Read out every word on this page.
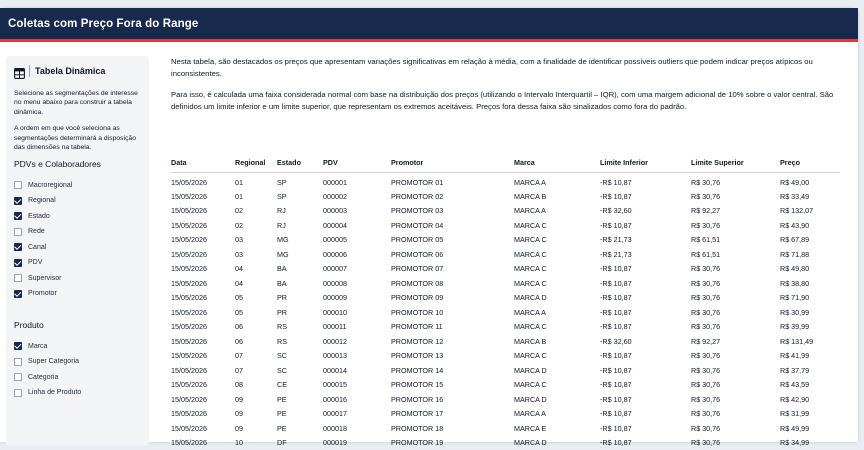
Coletas com Preço Fora do Range
Tabela Dinâmica

Selecione as segmentações de interesse no menu abaixo para construir a tabela dinâmica.

A ordem em que você seleciona as segmentações determinará a disposição das dimensões na tabela.

PDVs e Colaboradores
Macroregional
Regional
Estado
Rede
Canal
PDV
Supervisor
Promotor
Produto
Marca
Super Categoria
Categoria
Linha de Produto

Nesta tabela, são destacados os preços que apresentam variações significativas em relação à média, com a finalidade de identificar possíveis outliers que podem indicar preços atípicos ou inconsistentes.

Para isso, é calculada uma faixa considerada normal com base na distribuição dos preços (utilizando o Intervalo Interquartil – IQR), com uma margem adicional de 10% sobre o valor central. São definidos um limite inferior e um limite superior, que representam os extremos aceitáveis. Preços fora dessa faixa são sinalizados como fora do padrão.

Data	Regional	Estado	PDV	Promotor	Marca	Limite Inferior	Limite Superior	Preço
15/05/2026	01	SP	000001	PROMOTOR 01	MARCA A	-R$ 10,87	R$ 30,76	R$ 49,00
15/05/2026	01	SP	000002	PROMOTOR 02	MARCA B	-R$ 10,87	R$ 30,76	R$ 33,49
15/05/2026	02	RJ	000003	PROMOTOR 03	MARCA A	-R$ 32,60	R$ 92,27	R$ 132,07
15/05/2026	02	RJ	000004	PROMOTOR 04	MARCA C	-R$ 10,87	R$ 30,76	R$ 43,90
15/05/2026	03	MG	000005	PROMOTOR 05	MARCA C	-R$ 21,73	R$ 61,51	R$ 67,89
15/05/2026	03	MG	000006	PROMOTOR 06	MARCA C	-R$ 21,73	R$ 61,51	R$ 71,88
15/05/2026	04	BA	000007	PROMOTOR 07	MARCA C	-R$ 10,87	R$ 30,76	R$ 49,80
15/05/2026	04	BA	000008	PROMOTOR 08	MARCA C	-R$ 10,87	R$ 30,76	R$ 38,80
15/05/2026	05	PR	000009	PROMOTOR 09	MARCA D	-R$ 10,87	R$ 30,76	R$ 71,90
15/05/2026	05	PR	000010	PROMOTOR 10	MARCA A	-R$ 10,87	R$ 30,76	R$ 30,99
15/05/2026	06	RS	000011	PROMOTOR 11	MARCA C	-R$ 10,87	R$ 30,76	R$ 39,99
15/05/2026	06	RS	000012	PROMOTOR 12	MARCA B	-R$ 32,60	R$ 92,27	R$ 131,49
15/05/2026	07	SC	000013	PROMOTOR 13	MARCA C	-R$ 10,87	R$ 30,76	R$ 41,99
15/05/2026	07	SC	000014	PROMOTOR 14	MARCA D	-R$ 10,87	R$ 30,76	R$ 37,79
15/05/2026	08	CE	000015	PROMOTOR 15	MARCA C	-R$ 10,87	R$ 30,76	R$ 43,59
15/05/2026	09	PE	000016	PROMOTOR 16	MARCA D	-R$ 10,87	R$ 30,76	R$ 42,90
15/05/2026	09	PE	000017	PROMOTOR 17	MARCA A	-R$ 10,87	R$ 30,76	R$ 31,99
15/05/2026	09	PE	000018	PROMOTOR 18	MARCA E	-R$ 10,87	R$ 30,76	R$ 49,99
15/05/2026	10	DF	000019	PROMOTOR 19	MARCA D	-R$ 10,87	R$ 30,76	R$ 34,99
